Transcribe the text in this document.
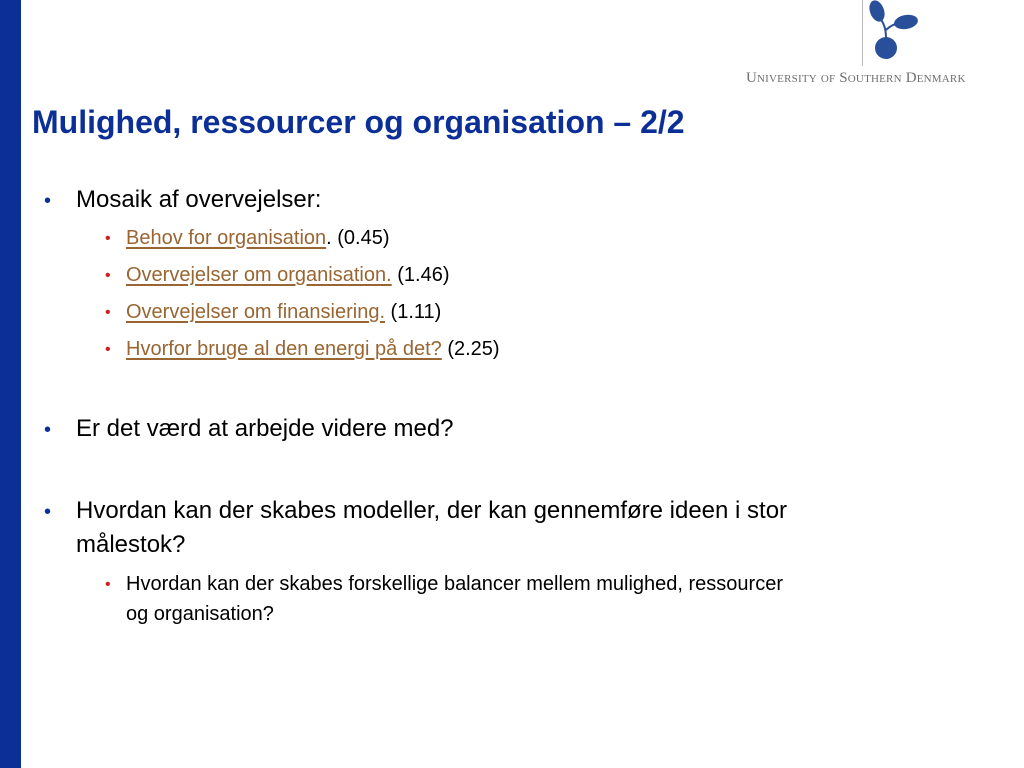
University of Southern Denmark
Mulighed, ressourcer og organisation – 2/2
• Mosaik af overvejelser:
• Behov for organisation. (0.45)
• Overvejelser om organisation. (1.46)
• Overvejelser om finansiering. (1.11)
• Hvorfor bruge al den energi på det? (2.25)
• Er det værd at arbejde videre med?
• Hvordan kan der skabes modeller, der kan gennemføre ideen i stor
målestok?
• Hvordan kan der skabes forskellige balancer mellem mulighed, ressourcer
og organisation?
